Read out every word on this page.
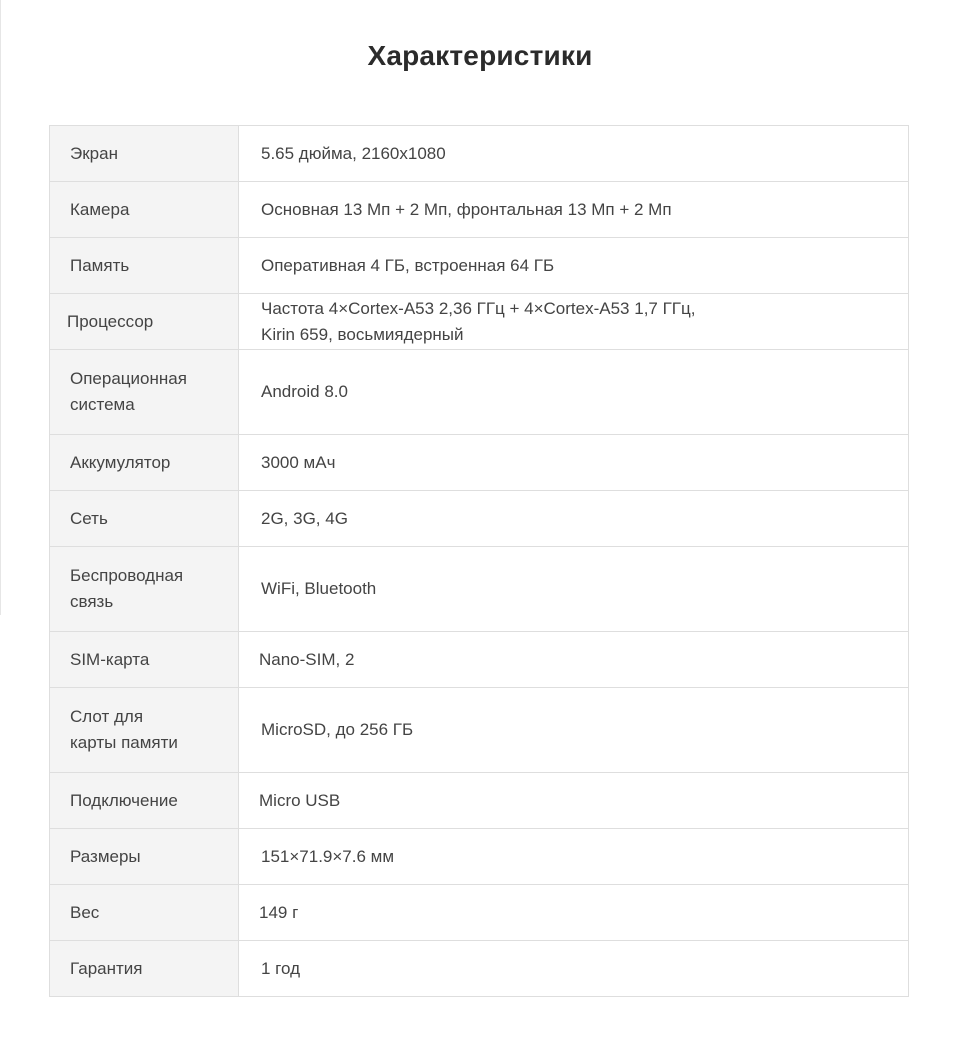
Характеристики
Экран	5.65 дюйма, 2160x1080
Камера	Основная 13 Мп + 2 Мп, фронтальная 13 Мп + 2 Мп
Память	Оперативная 4 ГБ, встроенная 64 ГБ
Процессор	Частота 4×Cortex-A53 2,36 ГГц + 4×Cortex-A53 1,7 ГГц,
Kirin 659, восьмиядерный
Операционная
система	Android 8.0
Аккумулятор	3000 мАч
Сеть	2G, 3G, 4G
Беспроводная
связь	WiFi, Bluetooth
SIM-карта	Nano-SIM, 2
Слот для
карты памяти	MicroSD, до 256 ГБ
Подключение	Micro USB
Размеры	151×71.9×7.6 мм
Вес	149 г
Гарантия	1 год
